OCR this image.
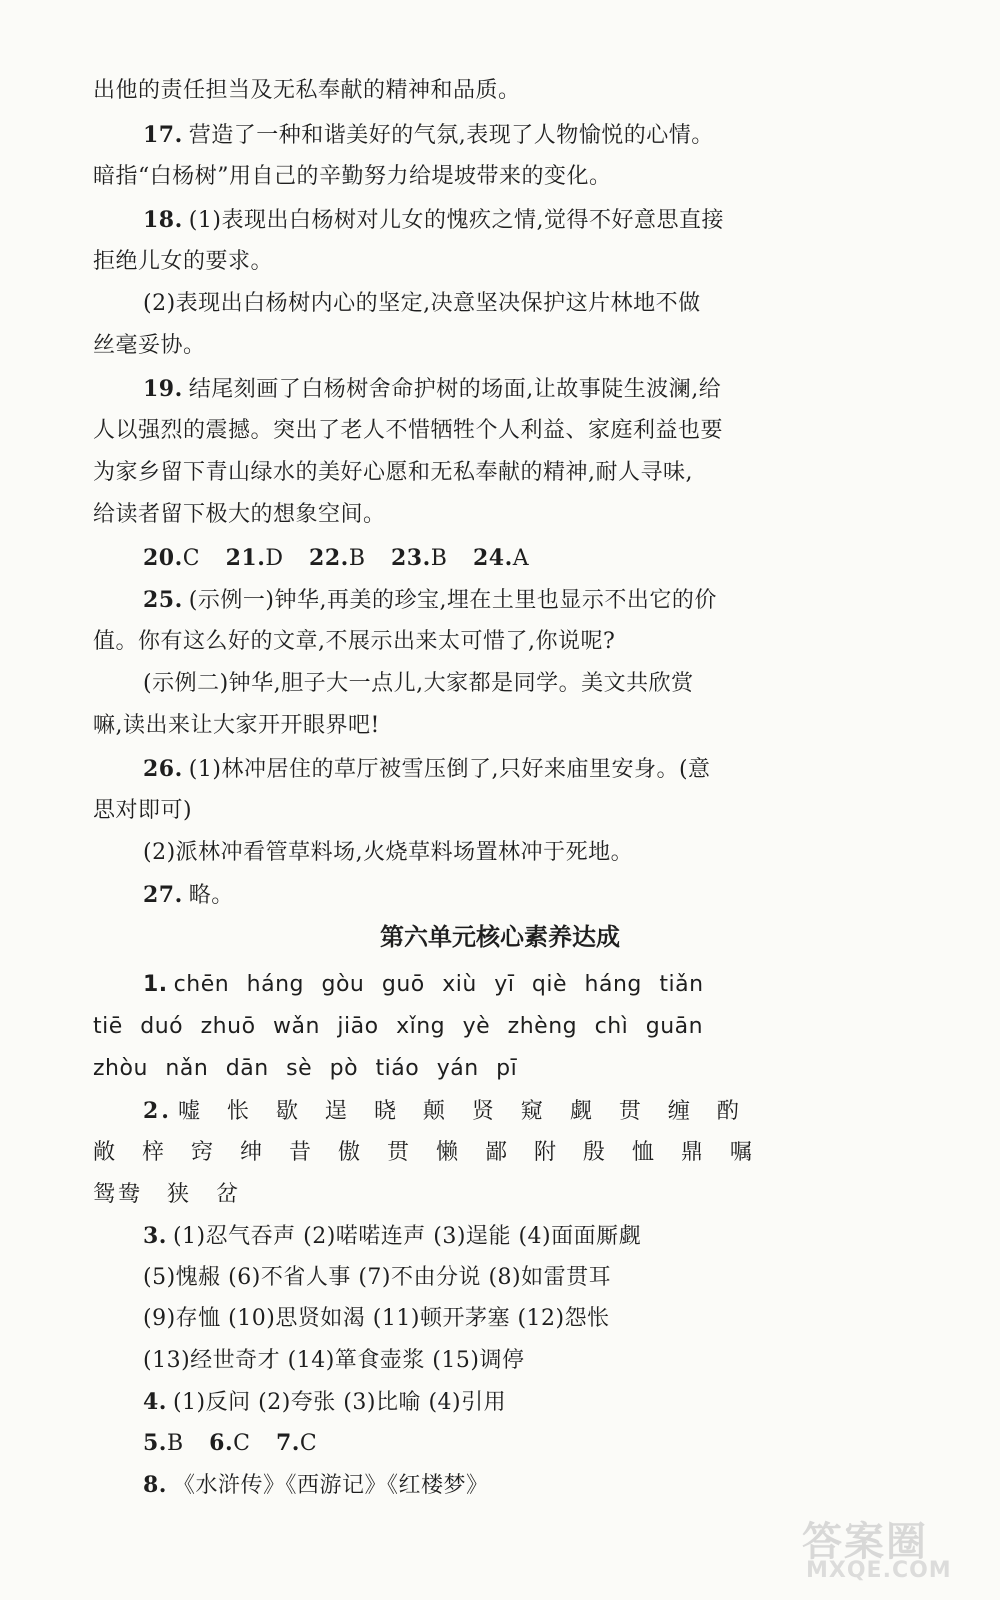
出他的责任担当及无私奉献的精神和品质。
17. 营造了一种和谐美好的气氛,表现了人物愉悦的心情。
暗指“白杨树”用自己的辛勤努力给堤坡带来的变化。
18. (1)表现出白杨树对儿女的愧疚之情,觉得不好意思直接
拒绝儿女的要求。
(2)表现出白杨树内心的坚定,决意坚决保护这片林地不做
丝毫妥协。
19. 结尾刻画了白杨树舍命护树的场面,让故事陡生波澜,给
人以强烈的震撼。突出了老人不惜牺牲个人利益、家庭利益也要
为家乡留下青山绿水的美好心愿和无私奉献的精神,耐人寻味,
给读者留下极大的想象空间。
20.C 21.D 22.B 23.B 24.A
25. (示例一)钟华,再美的珍宝,埋在土里也显示不出它的价
值。你有这么好的文章,不展示出来太可惜了,你说呢?
(示例二)钟华,胆子大一点儿,大家都是同学。美文共欣赏
嘛,读出来让大家开开眼界吧!
26. (1)林冲居住的草厅被雪压倒了,只好来庙里安身。(意
思对即可)
(2)派林冲看管草料场,火烧草料场置林冲于死地。
27. 略。
第六单元核心素养达成
1. chēn háng gòu guō xiù yī qiè háng tiǎn
tiē duó zhuō wǎn jiāo xǐng yè zhèng chì guān
zhòu nǎn dān sè pò tiáo yán pī
2. 嘘 怅 歇 逞 晓 颠 贤 窥 觑 贯 缠 酌
敞 梓 窍 绅 昔 傲 贯 懒 鄙 附 殷 恤 鼎 嘱
鸳鸯 狭 岔
3. (1)忍气吞声 (2)喏喏连声 (3)逞能 (4)面面厮觑
(5)愧赧 (6)不省人事 (7)不由分说 (8)如雷贯耳
(9)存恤 (10)思贤如渴 (11)顿开茅塞 (12)怨怅
(13)经世奇才 (14)箪食壶浆 (15)调停
4. (1)反问 (2)夸张 (3)比喻 (4)引用
5.B 6.C 7.C
8. 《水浒传》《西游记》《红楼梦》
答案圈
MXQE.COM
